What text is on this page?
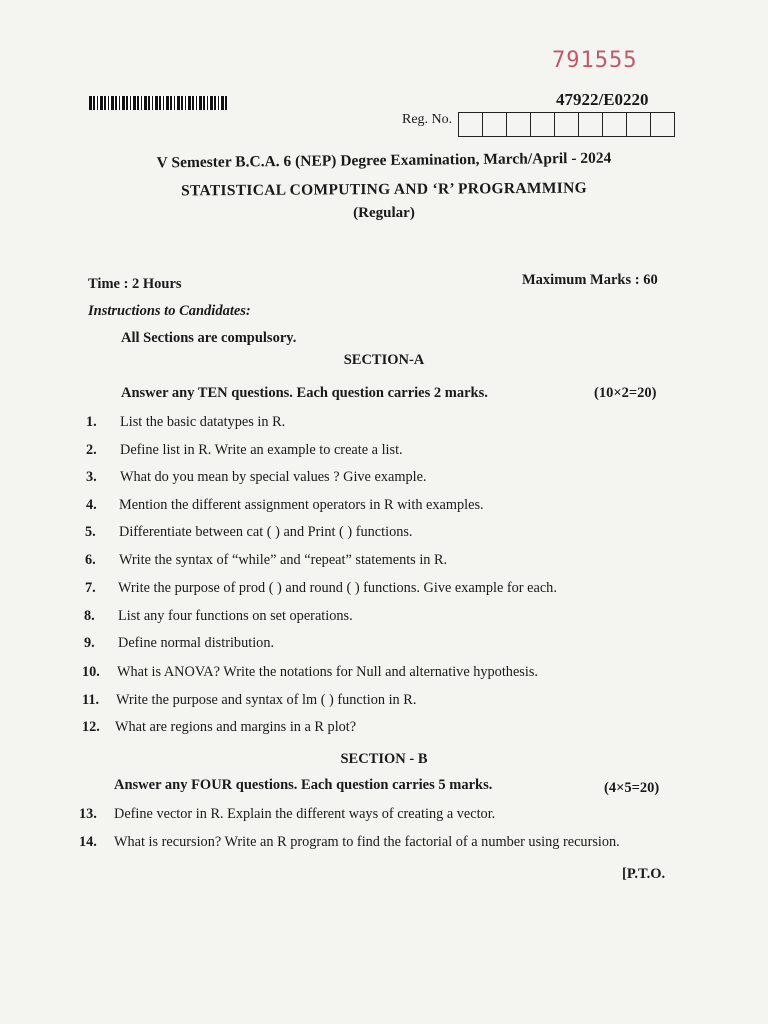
791555
47922/E0220
Reg. No.
V Semester B.C.A. 6 (NEP) Degree Examination, March/April - 2024
STATISTICAL COMPUTING AND ‘R’ PROGRAMMING
(Regular)
Time : 2 Hours	Maximum Marks : 60
Instructions to Candidates:
All Sections are compulsory.
SECTION-A
Answer any TEN questions. Each question carries 2 marks.	(10×2=20)
1. List the basic datatypes in R.
2. Define list in R. Write an example to create a list.
3. What do you mean by special values ? Give example.
4. Mention the different assignment operators in R with examples.
5. Differentiate between cat ( ) and Print ( ) functions.
6. Write the syntax of “while” and “repeat” statements in R.
7. Write the purpose of prod ( ) and round ( ) functions. Give example for each.
8. List any four functions on set operations.
9. Define normal distribution.
10. What is ANOVA? Write the notations for Null and alternative hypothesis.
11. Write the purpose and syntax of lm ( ) function in R.
12. What are regions and margins in a R plot?
SECTION - B
Answer any FOUR questions. Each question carries 5 marks.	(4×5=20)
13. Define vector in R. Explain the different ways of creating a vector.
14. What is recursion? Write an R program to find the factorial of a number using recursion.
[P.T.O.
